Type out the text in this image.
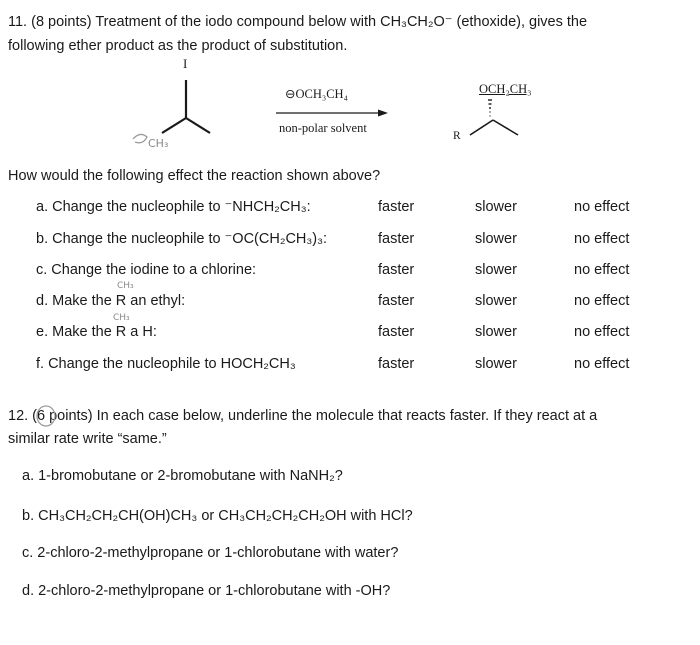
11. (8 points) Treatment of the iodo compound below with CH₃CH₂O⁻ (ethoxide), gives the
following ether product as the product of substitution.
I
⊖OCH₃CH₄
non-polar solvent
OCH₂CH₃
R
CH₃
How would the following effect the reaction shown above?
a. Change the nucleophile to ⁻NHCH₂CH₃:	faster	slower	no effect
b. Change the nucleophile to ⁻OC(CH₂CH₃)₃:	faster	slower	no effect
c. Change the iodine to a chlorine:	faster	slower	no effect
CH₃
d. Make the R an ethyl:	faster	slower	no effect
CH₃
e. Make the R a H:	faster	slower	no effect
f. Change the nucleophile to HOCH₂CH₃	faster	slower	no effect
12. (6 points) In each case below, underline the molecule that reacts faster. If they react at a
similar rate write “same.”
a. 1-bromobutane or 2-bromobutane with NaNH₂?
b. CH₃CH₂CH₂CH(OH)CH₃ or CH₃CH₂CH₂CH₂OH with HCl?
c. 2-chloro-2-methylpropane or 1-chlorobutane with water?
d. 2-chloro-2-methylpropane or 1-chlorobutane with -OH?
